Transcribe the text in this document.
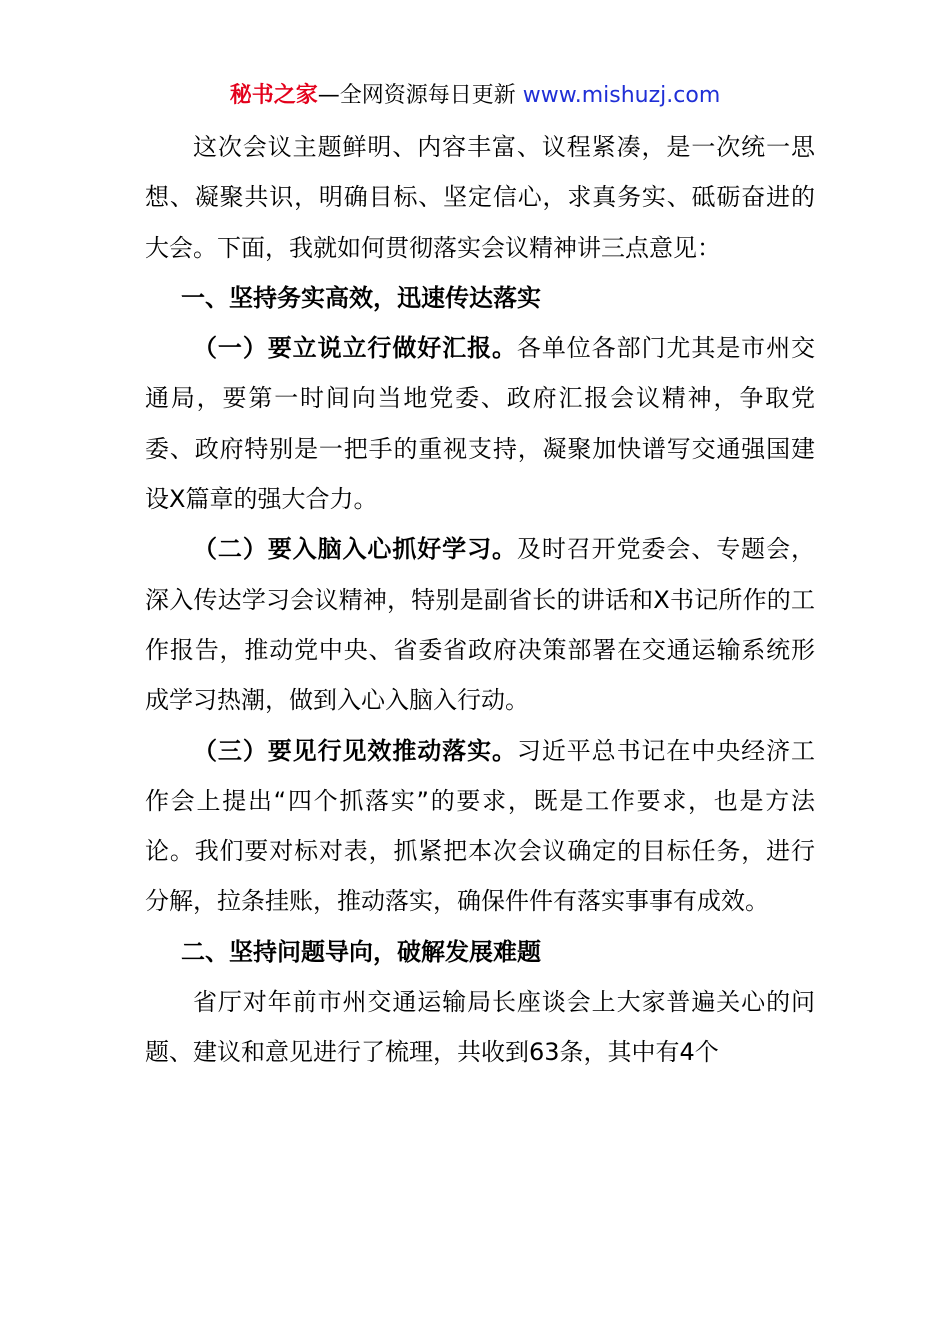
秘书之家—全网资源每日更新 www.mishuzj.com

这次会议主题鲜明、内容丰富、议程紧凑，是一次统一思想、凝聚共识，明确目标、坚定信心，求真务实、砥砺奋进的大会。下面，我就如何贯彻落实会议精神讲三点意见：

一、坚持务实高效，迅速传达落实

（一）要立说立行做好汇报。各单位各部门尤其是市州交通局，要第一时间向当地党委、政府汇报会议精神，争取党委、政府特别是一把手的重视支持，凝聚加快谱写交通强国建设X篇章的强大合力。

（二）要入脑入心抓好学习。及时召开党委会、专题会，深入传达学习会议精神，特别是副省长的讲话和X书记所作的工作报告，推动党中央、省委省政府决策部署在交通运输系统形成学习热潮，做到入心入脑入行动。

（三）要见行见效推动落实。习近平总书记在中央经济工作会上提出“四个抓落实”的要求，既是工作要求，也是方法论。我们要对标对表，抓紧把本次会议确定的目标任务，进行分解，拉条挂账，推动落实，确保件件有落实事事有成效。

二、坚持问题导向，破解发展难题

省厅对年前市州交通运输局长座谈会上大家普遍关心的问题、建议和意见进行了梳理，共收到63条，其中有4个
